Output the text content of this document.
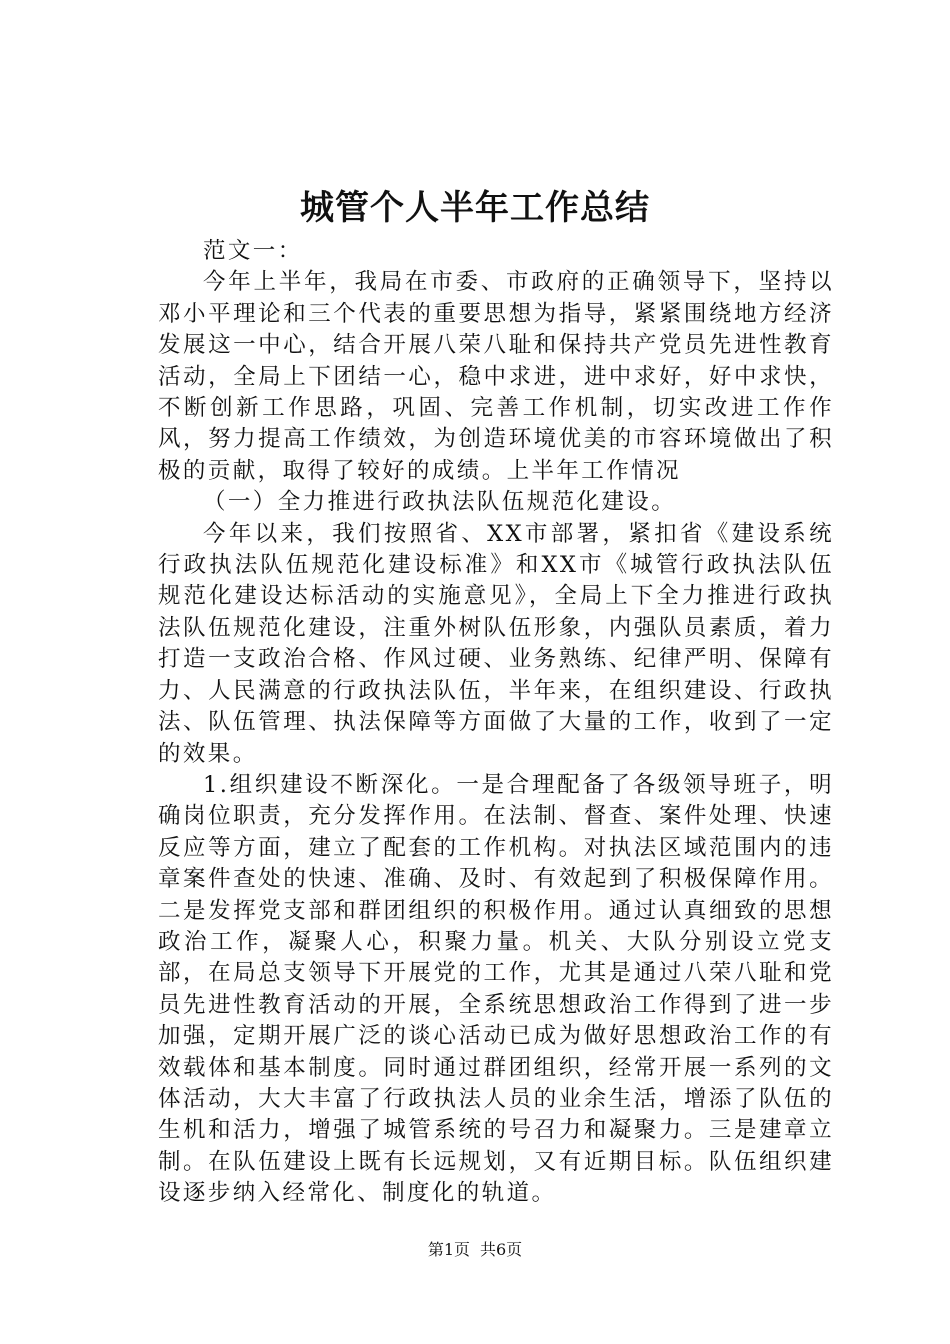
城管个人半年工作总结

范文一：

今年上半年，我局在市委、市政府的正确领导下，坚持以邓小平理论和三个代表的重要思想为指导，紧紧围绕地方经济发展这一中心，结合开展八荣八耻和保持共产党员先进性教育活动，全局上下团结一心，稳中求进，进中求好，好中求快，不断创新工作思路，巩固、完善工作机制，切实改进工作作风，努力提高工作绩效，为创造环境优美的市容环境做出了积极的贡献，取得了较好的成绩。上半年工作情况

（一）全力推进行政执法队伍规范化建设。

今年以来，我们按照省、XX市部署，紧扣省《建设系统行政执法队伍规范化建设标准》和XX市《城管行政执法队伍规范化建设达标活动的实施意见》，全局上下全力推进行政执法队伍规范化建设，注重外树队伍形象，内强队员素质，着力打造一支政治合格、作风过硬、业务熟练、纪律严明、保障有力、人民满意的行政执法队伍，半年来，在组织建设、行政执法、队伍管理、执法保障等方面做了大量的工作，收到了一定的效果。

1.组织建设不断深化。一是合理配备了各级领导班子，明确岗位职责，充分发挥作用。在法制、督查、案件处理、快速反应等方面，建立了配套的工作机构。对执法区域范围内的违章案件查处的快速、准确、及时、有效起到了积极保障作用。二是发挥党支部和群团组织的积极作用。通过认真细致的思想政治工作，凝聚人心，积聚力量。机关、大队分别设立党支部，在局总支领导下开展党的工作，尤其是通过八荣八耻和党员先进性教育活动的开展，全系统思想政治工作得到了进一步加强，定期开展广泛的谈心活动已成为做好思想政治工作的有效载体和基本制度。同时通过群团组织，经常开展一系列的文体活动，大大丰富了行政执法人员的业余生活，增添了队伍的生机和活力，增强了城管系统的号召力和凝聚力。三是建章立制。在队伍建设上既有长远规划，又有近期目标。队伍组织建设逐步纳入经常化、制度化的轨道。

第1页 共6页
